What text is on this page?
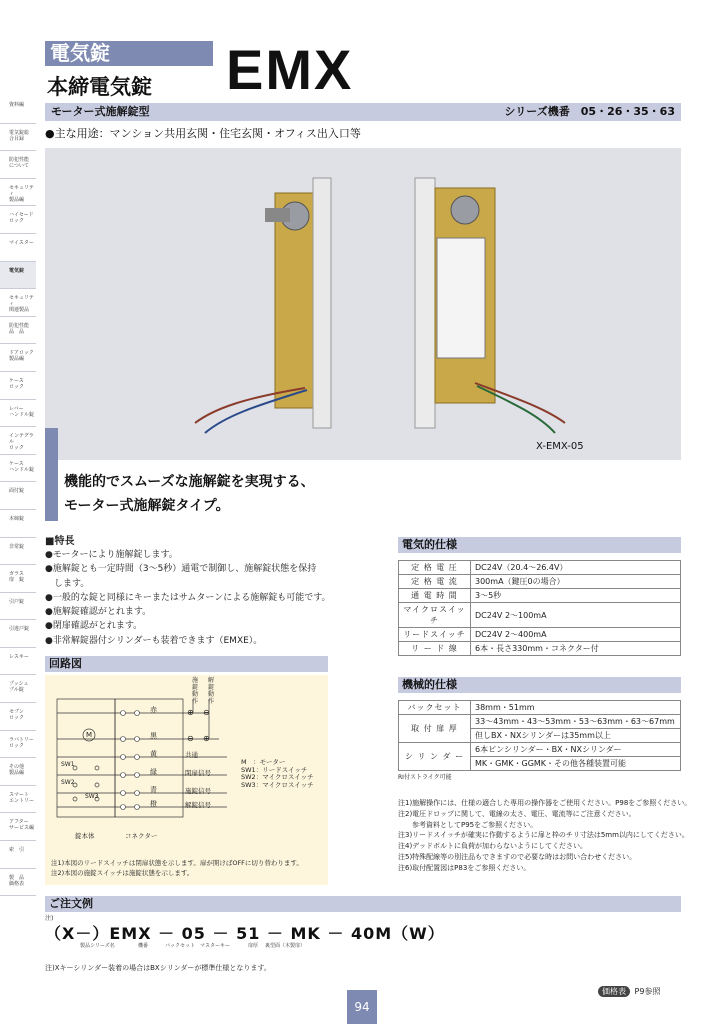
資料編
電気錠総
合目録
防犯性能
について
セキュリティ
製品編
ハイセード
ロック
マイスター
電気錠
セキュリティ
関連製品
防犯性能
品　品
ドアロック
製品編
ケース
ロック
レバー
ハンドル錠
インテグラル
ロック
ケース
ハンドル錠
面付錠
本締錠
非常錠
ガラス
扉　錠
引戸錠
引違戸錠
レスキー
プッシュ
プル錠
セブン
ロック
ラバトリー
ロック
その他
製品編
スマート
エントリー
アフター
サービス編
索　引
製　品
価格表
電気錠
本締電気錠 EMX
モーター式施解錠型	シリーズ機番　05・26・35・63
●主な用途：マンション共用玄関・住宅玄関・オフィス出入口等
X-EMX-05
機能的でスムーズな施解錠を実現する、
モーター式施解錠タイプ。
■特長
●モーターにより施解錠します。
●施解錠とも一定時間（3～5秒）通電で制御し、施解錠状態を保持
　します。
●一般的な錠と同様にキーまたはサムターンによる施解錠も可能です。
●施解錠確認がとれます。
●閉扉確認がとれます。
●非常解錠器付シリンダーも装着できます（EMXE）。
回路図
施錠動作
解錠動作
⊕ ⊖
⊖ ⊕
赤
黒
黄
緑
青
橙
共通
閉扉信号
施錠信号
解錠信号
M
SW1
SW2
SW3
M　：モーター
SW1：リードスイッチ
SW2：マイクロスイッチ
SW3：マイクロスイッチ
錠本体	コネクター
注1)本図のリードスイッチは閉扉状態を示します。扉が開けばOFFに切り替わります。
注2)本図の施錠スイッチは施錠状態を示します。
電気的仕様
定 格 電 圧	DC24V（20.4～26.4V）
定 格 電 流	300mA（鍵圧0の場合）
通 電 時 間	3～5秒
マイクロスイッチ	DC24V 2～100mA
リードスイッチ	DC24V 2～400mA
リ ー ド 線	6本・長さ330mm・コネクター付
機械的仕様
バックセット	38mm・51mm
取 付 扉 厚	33～43mm・43～53mm・53～63mm・63～67mm
	但しBX・NXシリンダーは35mm以上
シ リ ン ダ ー	6本ピンシリンダー・BX・NXシリンダー
	MK・GMK・GGMK・その他各種装置可能
RI付ストライク可能
注1)施解操作には、仕様の適合した専用の操作器をご使用ください。P98をご参照ください。
注2)電圧ドロップに関して、電線の太さ、電圧、電流等にご注意ください。
　　参考資料としてP95をご参照ください。
注3)リードスイッチが確実に作動するように扉と枠のチリ寸法は5mm以内にしてください。
注4)デッドボルトに負荷が加わらないようにしてください。
注5)特殊配線等の別注品もできますので必要な時はお問い合わせください。
注6)取付配置図はP83をご参照ください。
ご注文例
注)
（X－）EMX － 05 － 51 － MK － 40M（W）
製品シリーズ名	機番	バックセット マスターキー	扉厚 裏型面（木製扉）
注)Xキーシリンダー装着の場合はBXシリンダーが標準仕様となります。
94
価格表 P9参照
